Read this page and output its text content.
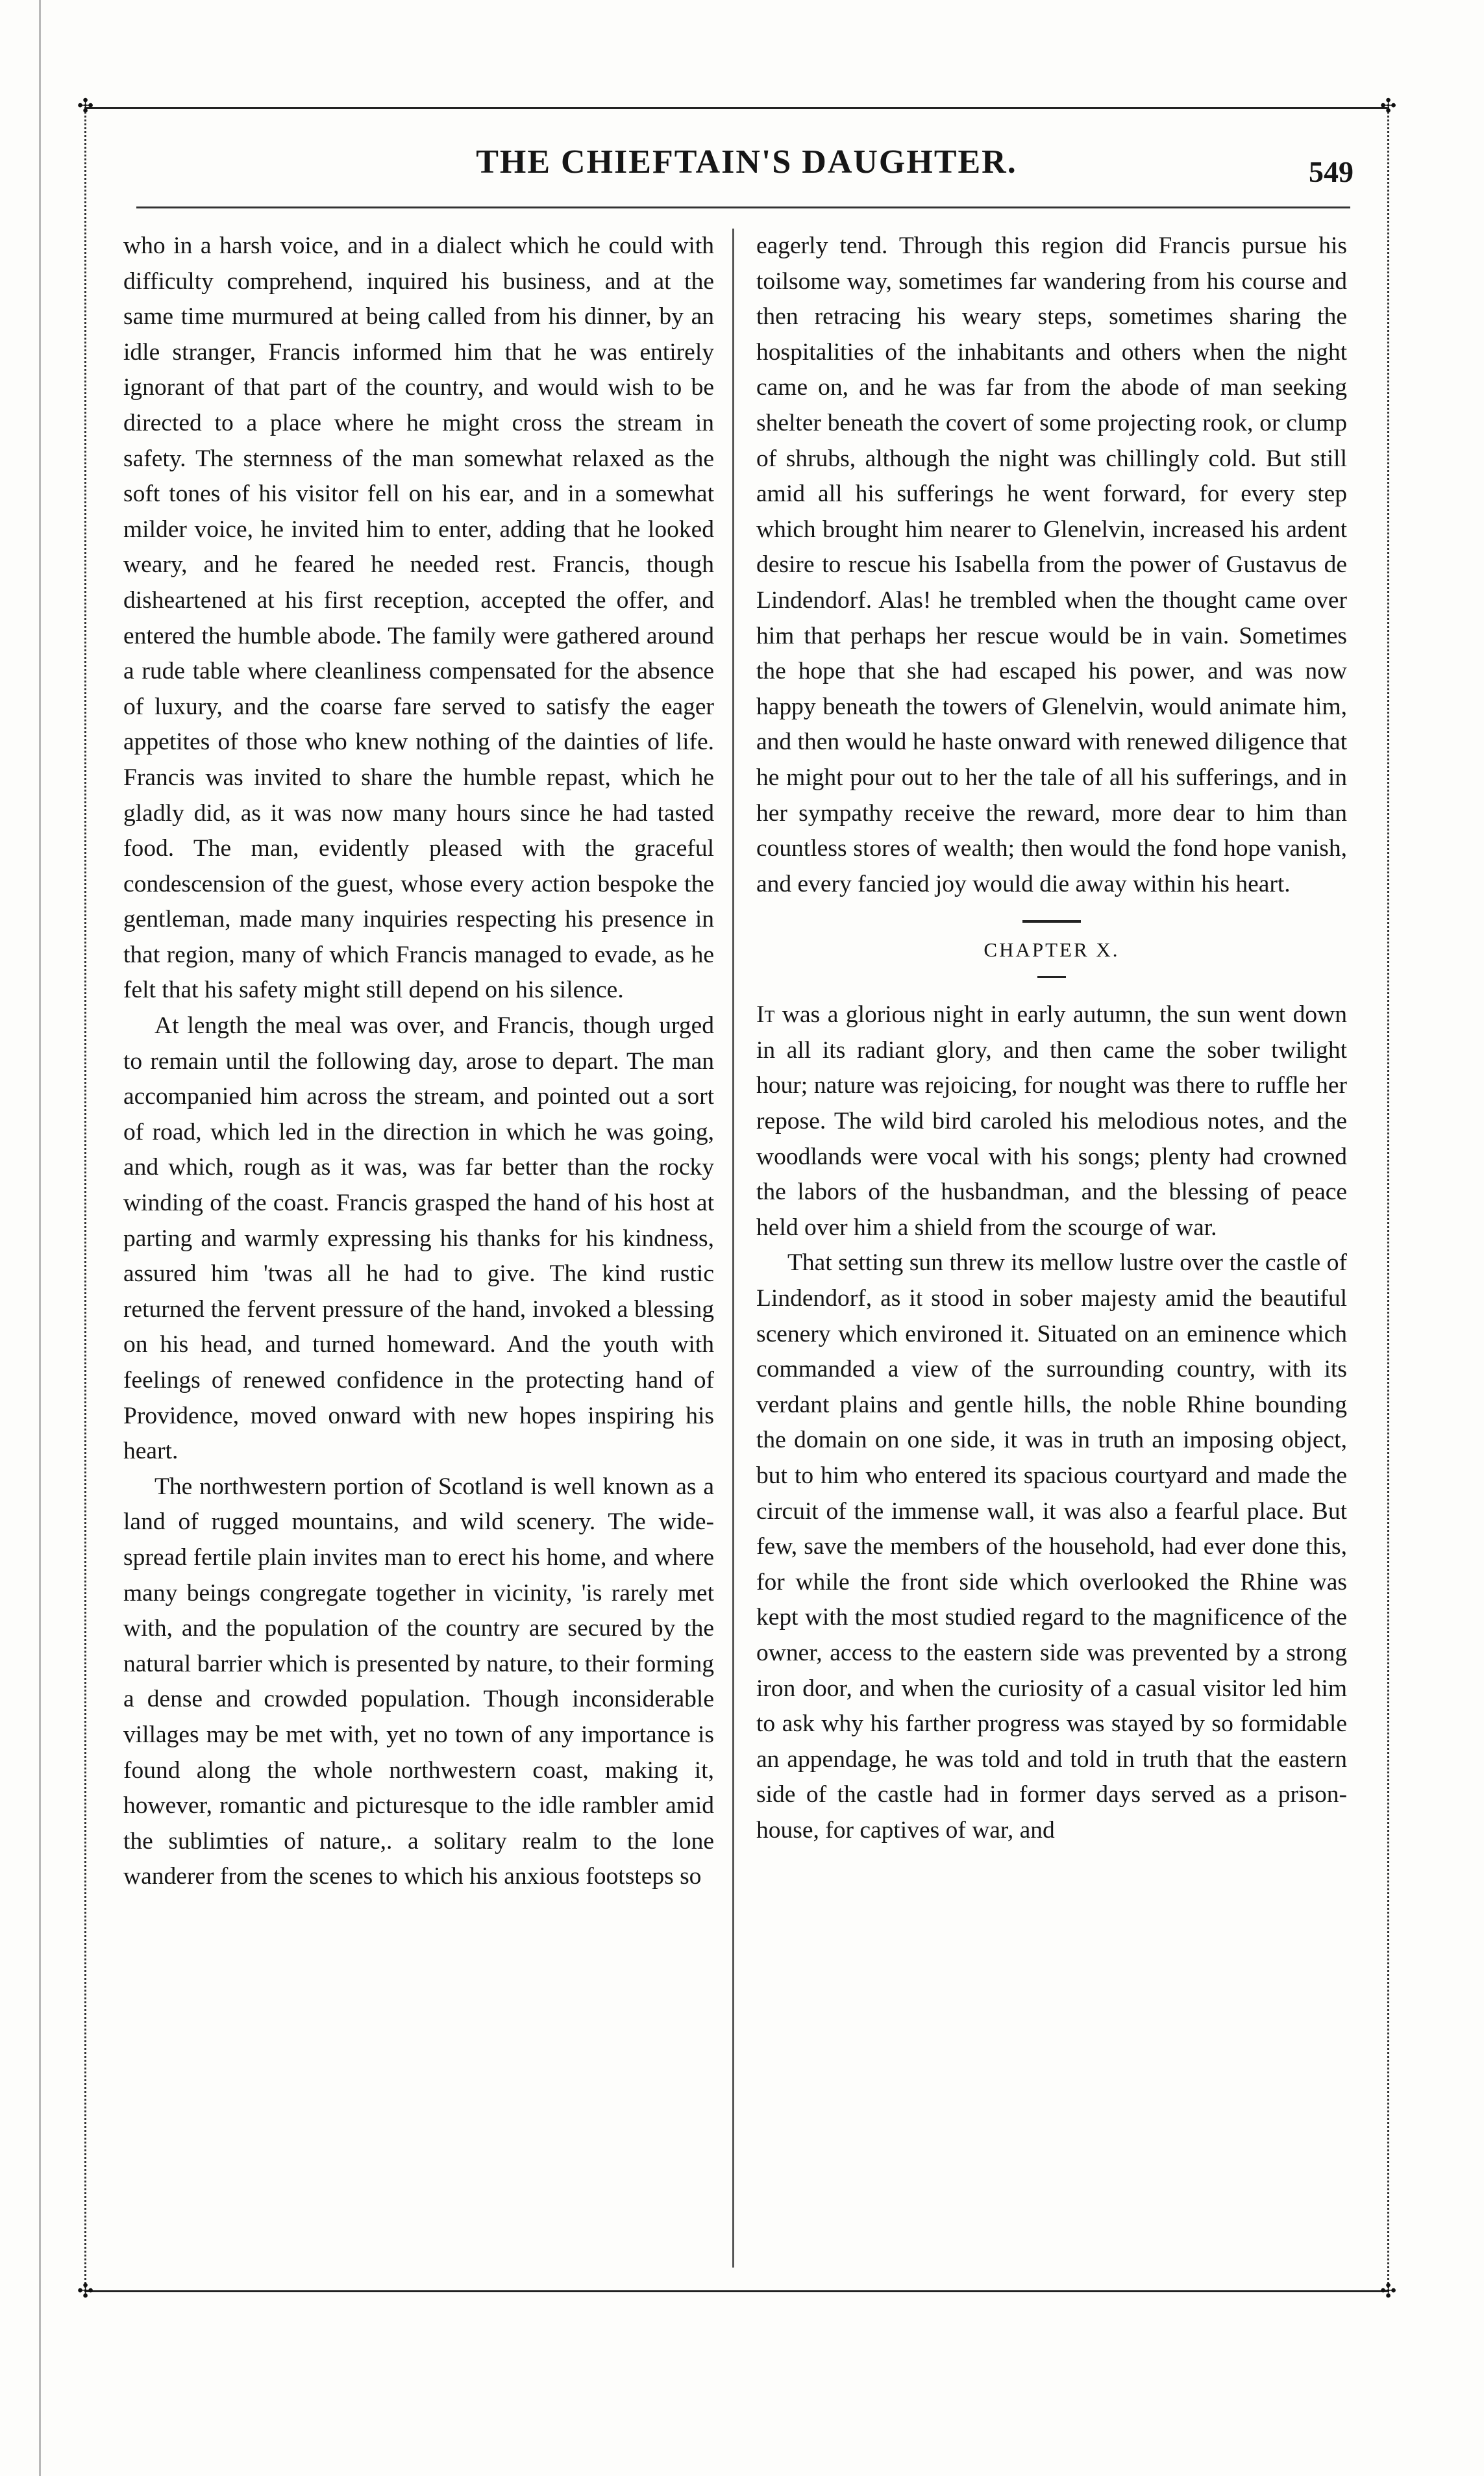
✣	✣
✣	✣
THE CHIEFTAIN'S DAUGHTER.	549

who in a harsh voice, and in a dialect which he could with difficulty comprehend, inquired his business, and at the same time murmured at being called from his dinner, by an idle stranger, Francis informed him that he was entirely ignorant of that part of the country, and would wish to be directed to a place where he might cross the stream in safety. The sternness of the man somewhat relaxed as the soft tones of his visitor fell on his ear, and in a somewhat milder voice, he invited him to enter, adding that he looked weary, and he feared he needed rest. Francis, though disheartened at his first reception, accepted the offer, and entered the humble abode. The family were gathered around a rude table where cleanliness compensated for the absence of luxury, and the coarse fare served to satisfy the eager appetites of those who knew nothing of the dainties of life. Francis was invited to share the humble repast, which he gladly did, as it was now many hours since he had tasted food. The man, evidently pleased with the graceful condescension of the guest, whose every action bespoke the gentleman, made many inquiries respecting his presence in that region, many of which Francis managed to evade, as he felt that his safety might still depend on his silence.

At length the meal was over, and Francis, though urged to remain until the following day, arose to depart. The man accompanied him across the stream, and pointed out a sort of road, which led in the direction in which he was going, and which, rough as it was, was far better than the rocky winding of the coast. Francis grasped the hand of his host at parting and warmly expressing his thanks for his kindness, assured him 'twas all he had to give. The kind rustic returned the fervent pressure of the hand, invoked a blessing on his head, and turned homeward. And the youth with feelings of renewed confidence in the protecting hand of Providence, moved onward with new hopes inspiring his heart.

The northwestern portion of Scotland is well known as a land of rugged mountains, and wild scenery. The wide-spread fertile plain invites man to erect his home, and where many beings congregate together in vicinity, 'is rarely met with, and the population of the country are secured by the natural barrier which is presented by nature, to their forming a dense and crowded population. Though inconsiderable villages may be met with, yet no town of any importance is found along the whole northwestern coast, making it, however, romantic and picturesque to the idle rambler amid the sublimties of nature,. a solitary realm to the lone wanderer from the scenes to which his anxious footsteps so

eagerly tend. Through this region did Francis pursue his toilsome way, sometimes far wandering from his course and then retracing his weary steps, sometimes sharing the hospitalities of the inhabitants and others when the night came on, and he was far from the abode of man seeking shelter beneath the covert of some projecting rook, or clump of shrubs, although the night was chillingly cold. But still amid all his sufferings he went forward, for every step which brought him nearer to Glenelvin, increased his ardent desire to rescue his Isabella from the power of Gustavus de Lindendorf. Alas! he trembled when the thought came over him that perhaps her rescue would be in vain. Sometimes the hope that she had escaped his power, and was now happy beneath the towers of Glenelvin, would animate him, and then would he haste onward with renewed diligence that he might pour out to her the tale of all his sufferings, and in her sympathy receive the reward, more dear to him than countless stores of wealth; then would the fond hope vanish, and every fancied joy would die away within his heart.

CHAPTER X.

It was a glorious night in early autumn, the sun went down in all its radiant glory, and then came the sober twilight hour; nature was rejoicing, for nought was there to ruffle her repose. The wild bird caroled his melodious notes, and the woodlands were vocal with his songs; plenty had crowned the labors of the husbandman, and the blessing of peace held over him a shield from the scourge of war.

That setting sun threw its mellow lustre over the castle of Lindendorf, as it stood in sober majesty amid the beautiful scenery which environed it. Situated on an eminence which commanded a view of the surrounding country, with its verdant plains and gentle hills, the noble Rhine bounding the domain on one side, it was in truth an imposing object, but to him who entered its spacious courtyard and made the circuit of the immense wall, it was also a fearful place. But few, save the members of the household, had ever done this, for while the front side which overlooked the Rhine was kept with the most studied regard to the magnificence of the owner, access to the eastern side was prevented by a strong iron door, and when the curiosity of a casual visitor led him to ask why his farther progress was stayed by so formidable an appendage, he was told and told in truth that the eastern side of the castle had in former days served as a prison-house, for captives of war, and
